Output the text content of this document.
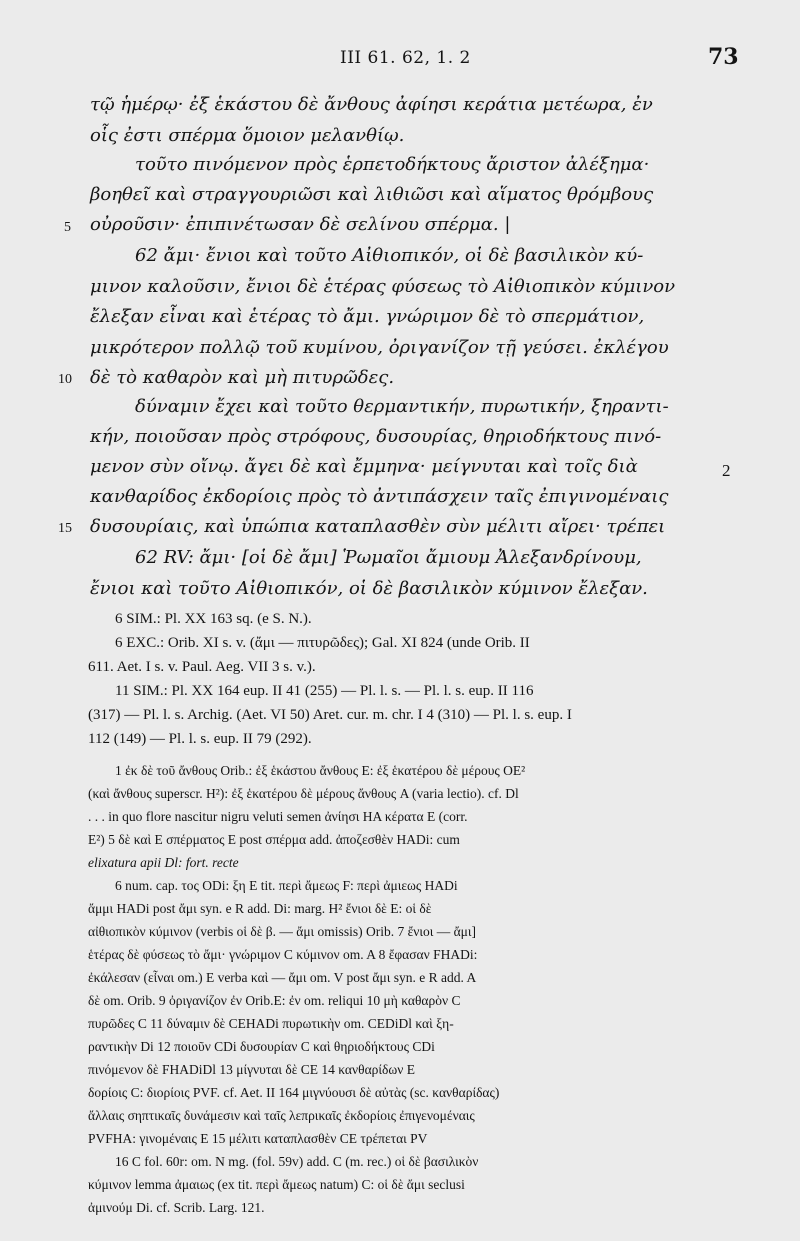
III 61. 62, 1. 2	73
τῷ ἡμέρῳ· ἐξ ἑκάστου δὲ ἄνθους ἀφίησι κεράτια μετέωρα, ἐν
οἷς ἐστι σπέρμα ὅμοιον μελανθίῳ.
τοῦτο πινόμενον πρὸς ἑρπετοδήκτους ἄριστον ἀλέξημα·
βοηθεῖ καὶ στραγγουριῶσι καὶ λιθιῶσι καὶ αἵματος θρόμβους
οὐροῦσιν· ἐπιπινέτωσαν δὲ σελίνου σπέρμα. |
62 ἄμι· ἔνιοι καὶ τοῦτο Αἰθιοπικόν, οἱ δὲ βασιλικὸν κύ-
μινον καλοῦσιν, ἔνιοι δὲ ἑτέρας φύσεως τὸ Αἰθιοπικὸν κύμινον
ἔλεξαν εἶναι καὶ ἑτέρας τὸ ἄμι. γνώριμον δὲ τὸ σπερμάτιον,
μικρότερον πολλῷ τοῦ κυμίνου, ὀριγανίζον τῇ γεύσει. ἐκλέγου
δὲ τὸ καθαρὸν καὶ μὴ πιτυρῶδες.
δύναμιν ἔχει καὶ τοῦτο θερμαντικήν, πυρωτικήν, ξηραντι-
κήν, ποιοῦσαν πρὸς στρόφους, δυσουρίας, θηριοδήκτους πινό-
μενον σὺν οἴνῳ. ἄγει δὲ καὶ ἔμμηνα· μείγνυται καὶ τοῖς διὰ
κανθαρίδος ἐκδορίοις πρὸς τὸ ἀντιπάσχειν ταῖς ἐπιγινομέναις
δυσουρίαις, καὶ ὑπώπια καταπλασθὲν σὺν μέλιτι αἴρει· τρέπει
5
10
15
2
62 RV: ἄμι· [οἱ δὲ ἄμι] Ῥωμαῖοι ἄμιουμ Ἀλεξανδρίνουμ,
ἔνιοι καὶ τοῦτο Αἰθιοπικόν, οἱ δὲ βασιλικὸν κύμινον ἔλεξαν.
6 SIM.: Pl. XX 163 sq. (e S. N.).
6 EXC.: Orib. XI s. v. (ἄμι — πιτυρῶδες); Gal. XI 824 (unde Orib. II
611. Aet. I s. v. Paul. Aeg. VII 3 s. v.).
11 SIM.: Pl. XX 164 eup. II 41 (255) — Pl. l. s. — Pl. l. s. eup. II 116
(317) — Pl. l. s. Archig. (Aet. VI 50) Aret. cur. m. chr. I 4 (310) — Pl. l. s. eup. I
112 (149) — Pl. l. s. eup. II 79 (292).
1 ἐκ δὲ τοῦ ἄνθους Orib.: ἐξ ἑκάστου ἄνθους E: ἐξ ἑκατέρου δὲ μέρους OE²
(καὶ ἄνθους superscr. H²): ἐξ ἑκατέρου δὲ μέρους ἄνθους A (varia lectio). cf. Dl
. . . in quo flore nascitur nigru veluti semen ἀνίησι HA κέρατα E (corr.
E²) 5 δὲ καὶ E σπέρματος E post σπέρμα add. ἀποζεσθὲν HADi: cum
elixatura apii Dl: fort. recte
6 num. cap. τος ODi: ξη E tit. περὶ ἄμεως F: περὶ ἀμιεως HADi
ἄμμι HADi post ἄμι syn. e R add. Di: marg. H² ἔνιοι δὲ E: οἱ δὲ
αἰθιοπικὸν κύμινον (verbis οἱ δὲ β. — ἄμι omissis) Orib. 7 ἔνιοι — ἄμι]
ἑτέρας δὲ φύσεως τὸ ἄμι· γνώριμον C κύμινον om. A 8 ἔφασαν FHADi:
ἐκάλεσαν (εἶναι om.) E verba καὶ — ἄμι om. V post ἄμι syn. e R add. A
δὲ om. Orib. 9 ὀριγανίζον ἐν Orib.E: ἐν om. reliqui 10 μὴ καθαρὸν C
πυρῶδες C 11 δύναμιν δὲ CEHADi πυρωτικὴν om. CEDiDl καὶ ξη-
ραντικὴν Di 12 ποιοῦν CDi δυσουρίαν C καὶ θηριοδήκτους CDi
πινόμενον δὲ FHADiDl 13 μίγνυται δὲ CE 14 κανθαρίδων E
δορίοις C: διορίοις PVF. cf. Aet. II 164 μιγνύουσι δὲ αὐτὰς (sc. κανθαρίδας)
ἄλλαις σηπτικαῖς δυνάμεσιν καὶ ταῖς λεπρικαῖς ἐκδορίοις ἐπιγενομέναις
PVFHA: γινομέναις E 15 μέλιτι καταπλασθὲν CE τρέπεται PV
16 C fol. 60r: om. N mg. (fol. 59v) add. C (m. rec.) οἱ δὲ βασιλικὸν
κύμινον lemma ἀμαιως (ex tit. περὶ ἄμεως natum) C: οἱ δὲ ἄμι seclusi
ἀμινούμ Di. cf. Scrib. Larg. 121.
